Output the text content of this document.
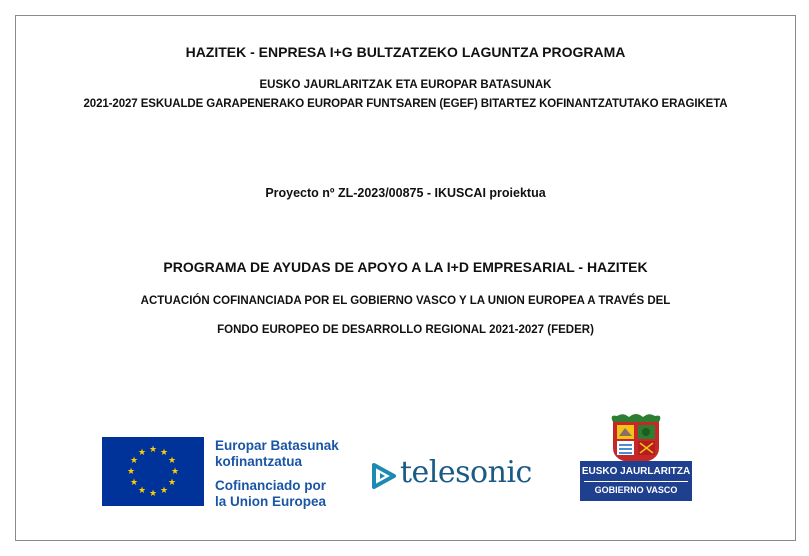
HAZITEK - ENPRESA I+G BULTZATZEKO LAGUNTZA PROGRAMA
EUSKO JAURLARITZAK ETA EUROPAR BATASUNAK
2021-2027 ESKUALDE GARAPENERAKO EUROPAR FUNTSAREN (EGEF) BITARTEZ KOFINANTZATUTAKO ERAGIKETA
Proyecto nº ZL-2023/00875 - IKUSCAI proiektua
PROGRAMA DE AYUDAS DE APOYO A LA I+D EMPRESARIAL - HAZITEK
ACTUACIÓN COFINANCIADA POR EL GOBIERNO VASCO Y LA UNION EUROPEA A TRAVÉS DEL
FONDO EUROPEO DE DESARROLLO REGIONAL 2021-2027 (FEDER)
★ ★
★
★
★
★
★
★
★
★
★
★	Europar Batasunak
kofinantzatua
Cofinanciado por
la Union Europea
telesonic	EUSKO JAURLARITZA
GOBIERNO VASCO
